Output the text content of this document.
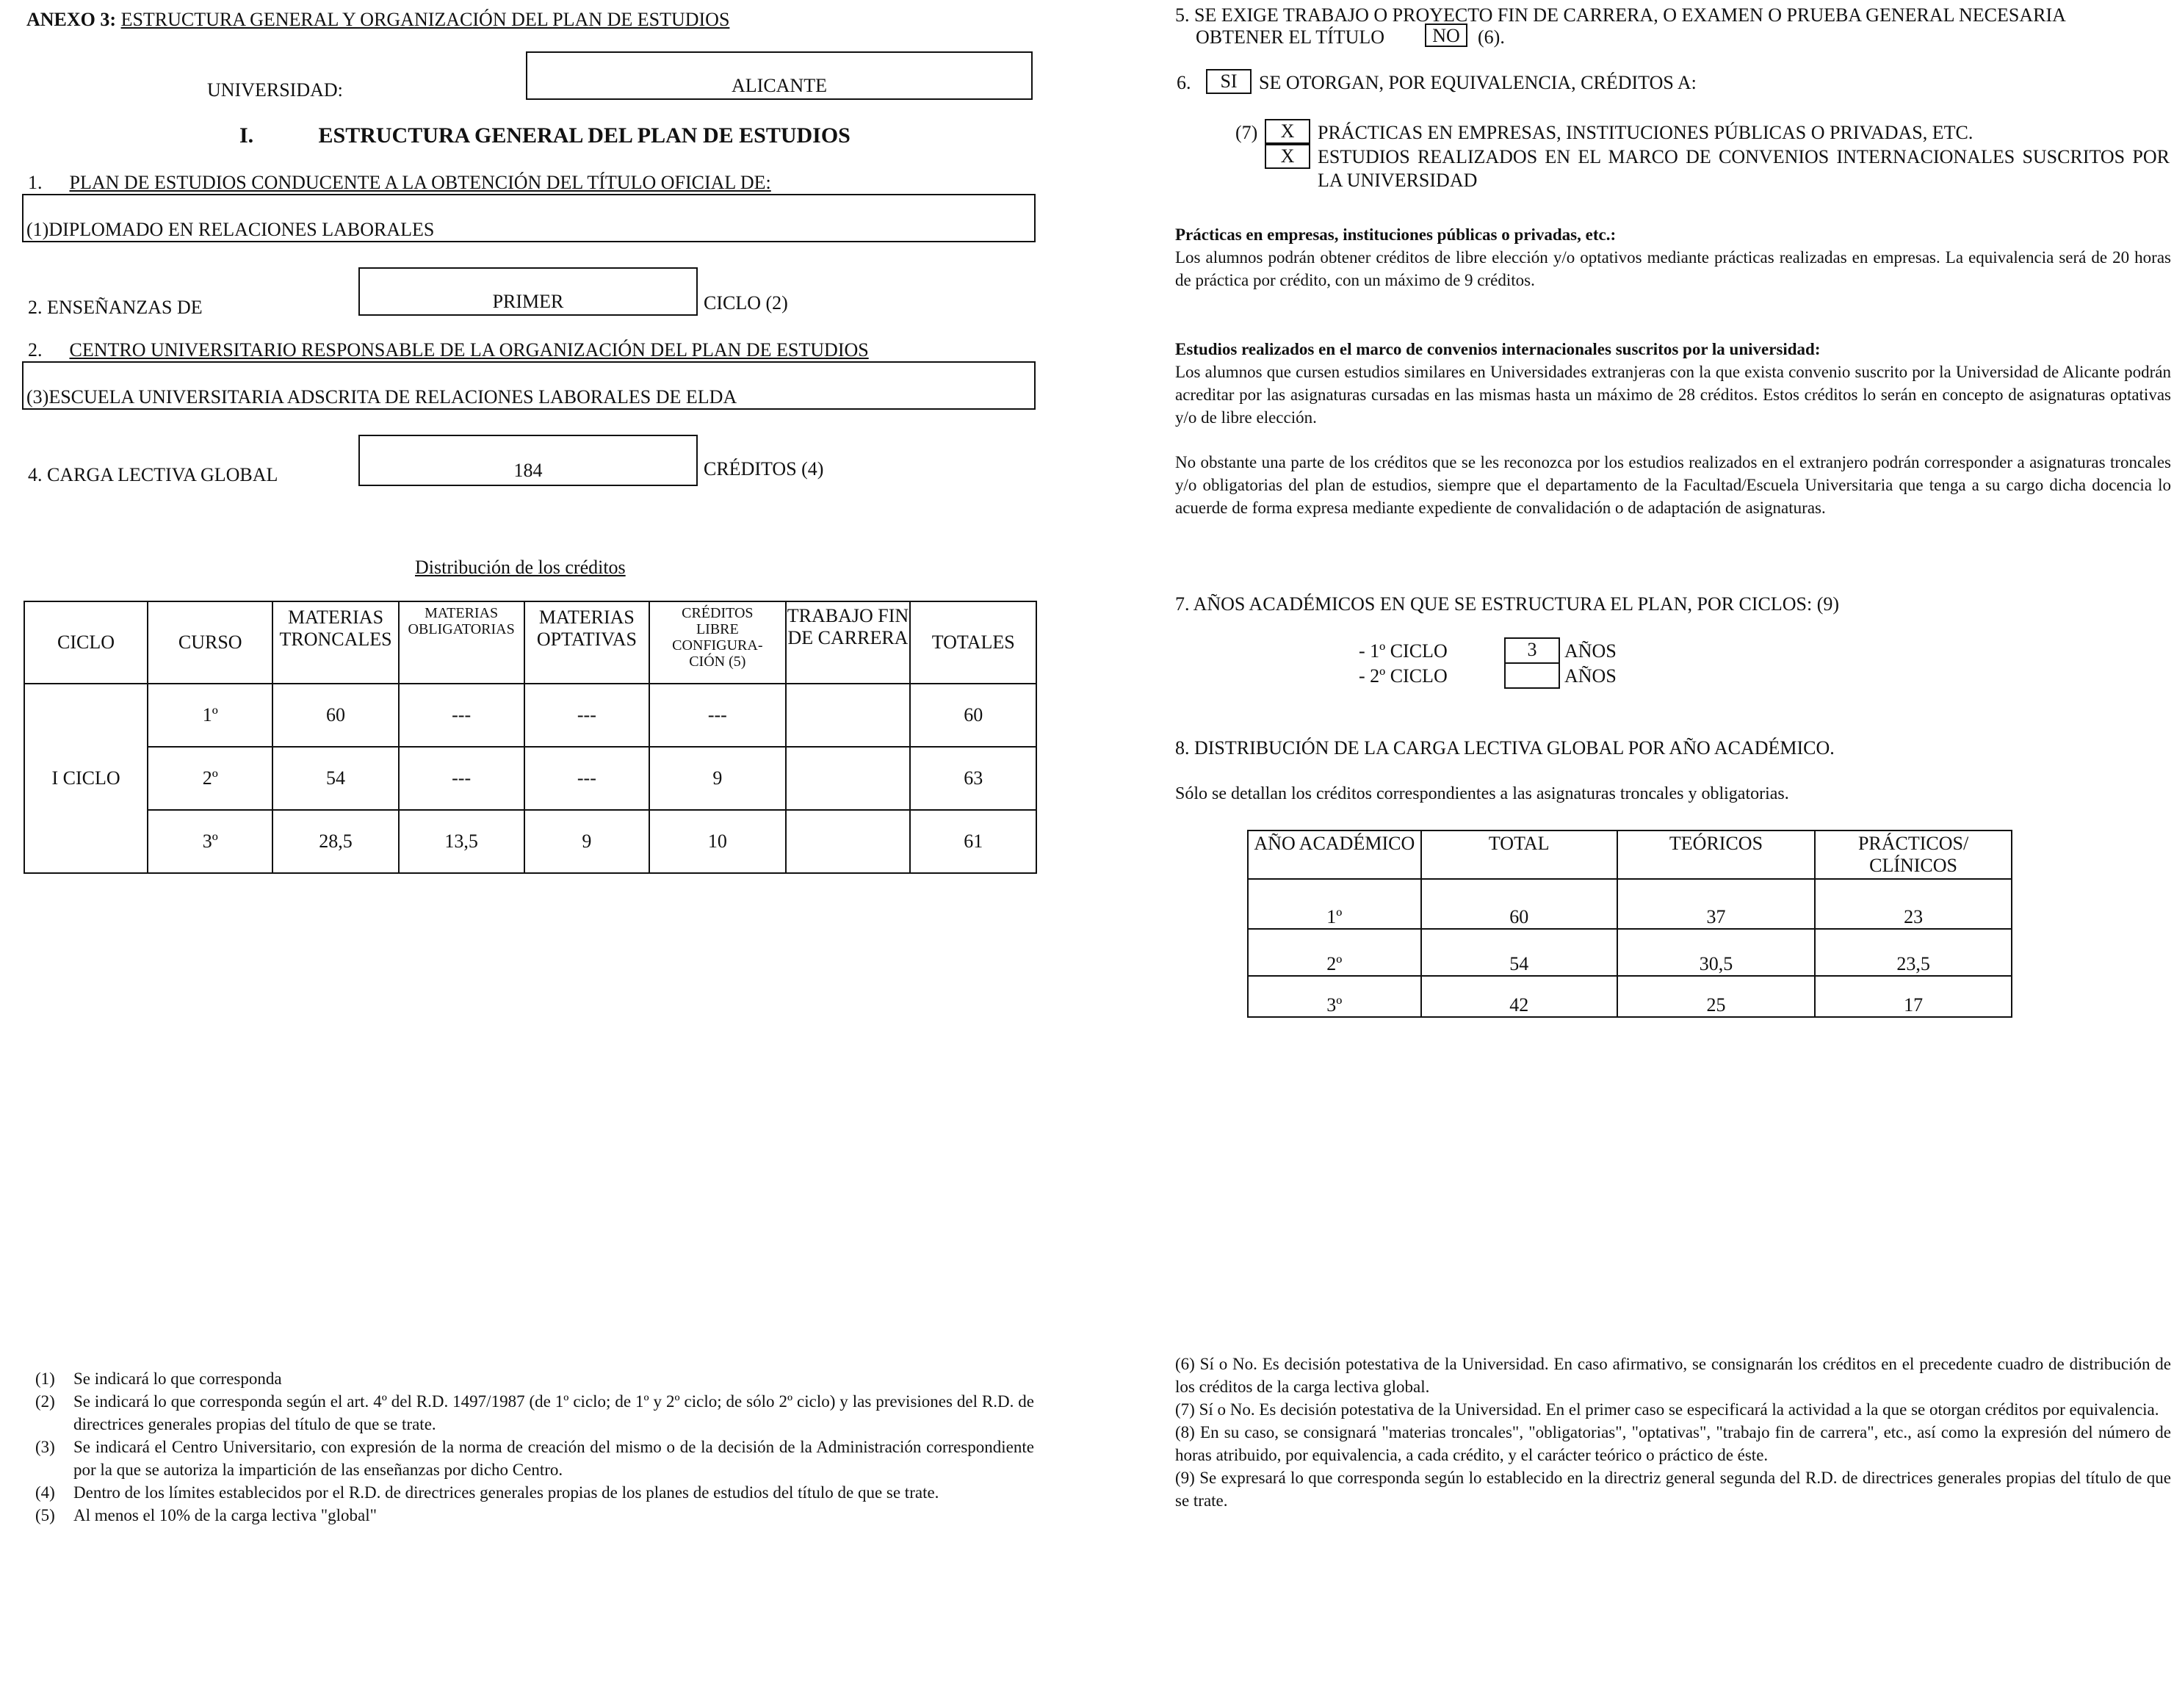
ANEXO 3: ESTRUCTURA GENERAL Y ORGANIZACIÓN DEL PLAN DE ESTUDIOS
UNIVERSIDAD:	ALICANTE
I.	ESTRUCTURA GENERAL DEL PLAN DE ESTUDIOS
1. PLAN DE ESTUDIOS CONDUCENTE A LA OBTENCIÓN DEL TÍTULO OFICIAL DE:
(1)DIPLOMADO EN RELACIONES LABORALES
2. ENSEÑANZAS DE	PRIMER	CICLO (2)
2. CENTRO UNIVERSITARIO RESPONSABLE DE LA ORGANIZACIÓN DEL PLAN DE ESTUDIOS
(3)ESCUELA UNIVERSITARIA ADSCRITA DE RELACIONES LABORALES DE ELDA
4. CARGA LECTIVA GLOBAL	184	CRÉDITOS (4)
Distribución de los créditos
CICLO	CURSO	MATERIAS TRONCALES	MATERIAS OBLIGATORIAS	MATERIAS OPTATIVAS	CRÉDITOS LIBRE CONFIGURA-CIÓN (5)	TRABAJO FIN DE CARRERA	TOTALES
I CICLO	1º	60	---	---	---		60
	2º	54	---	---	9		63
	3º	28,5	13,5	9	10		61
(1)	Se indicará lo que corresponda
(2)	Se indicará lo que corresponda según el art. 4º del R.D. 1497/1987 (de 1º ciclo; de 1º y 2º ciclo; de sólo 2º ciclo) y las previsiones del R.D. de directrices generales propias del título de que se trate.
(3)	Se indicará el Centro Universitario, con expresión de la norma de creación del mismo o de la decisión de la Administración correspondiente por la que se autoriza la impartición de las enseñanzas por dicho Centro.
(4)	Dentro de los límites establecidos por el R.D. de directrices generales propias de los planes de estudios del título de que se trate.
(5)	Al menos el 10% de la carga lectiva "global"
5. SE EXIGE TRABAJO O PROYECTO FIN DE CARRERA, O EXAMEN O PRUEBA GENERAL NECESARIA
OBTENER EL TÍTULO	NO (6).
6.	SI	SE OTORGAN, POR EQUIVALENCIA, CRÉDITOS A:
(7)	X	PRÁCTICAS EN EMPRESAS, INSTITUCIONES PÚBLICAS O PRIVADAS, ETC.
X	ESTUDIOS REALIZADOS EN EL MARCO DE CONVENIOS INTERNACIONALES SUSCRITOS POR LA UNIVERSIDAD
Prácticas en empresas, instituciones públicas o privadas, etc.:
Los alumnos podrán obtener créditos de libre elección y/o optativos mediante prácticas realizadas en empresas. La equivalencia será de 20 horas de práctica por crédito, con un máximo de 9 créditos.
Estudios realizados en el marco de convenios internacionales suscritos por la universidad:
Los alumnos que cursen estudios similares en Universidades extranjeras con la que exista convenio suscrito por la Universidad de Alicante podrán acreditar por las asignaturas cursadas en las mismas hasta un máximo de 28 créditos. Estos créditos lo serán en concepto de asignaturas optativas y/o de libre elección.
No obstante una parte de los créditos que se les reconozca por los estudios realizados en el extranjero podrán corresponder a asignaturas troncales y/o obligatorias del plan de estudios, siempre que el departamento de la Facultad/Escuela Universitaria que tenga a su cargo dicha docencia lo acuerde de forma expresa mediante expediente de convalidación o de adaptación de asignaturas.
7. AÑOS ACADÉMICOS EN QUE SE ESTRUCTURA EL PLAN, POR CICLOS: (9)
- 1º CICLO	3	AÑOS
- 2º CICLO	AÑOS
8. DISTRIBUCIÓN DE LA CARGA LECTIVA GLOBAL POR AÑO ACADÉMICO.
Sólo se detallan los créditos correspondientes a las asignaturas troncales y obligatorias.
AÑO ACADÉMICO	TOTAL	TEÓRICOS	PRÁCTICOS/ CLÍNICOS
1º	60	37	23
2º	54	30,5	23,5
3º	42	25	17
(6) Sí o No. Es decisión potestativa de la Universidad. En caso afirmativo, se consignarán los créditos en el precedente cuadro de distribución de los créditos de la carga lectiva global.
(7) Sí o No. Es decisión potestativa de la Universidad. En el primer caso se especificará la actividad a la que se otorgan créditos por equivalencia.
(8) En su caso, se consignará "materias troncales", "obligatorias", "optativas", "trabajo fin de carrera", etc., así como la expresión del número de horas atribuido, por equivalencia, a cada crédito, y el carácter teórico o práctico de éste.
(9) Se expresará lo que corresponda según lo establecido en la directriz general segunda del R.D. de directrices generales propias del título de que se trate.
